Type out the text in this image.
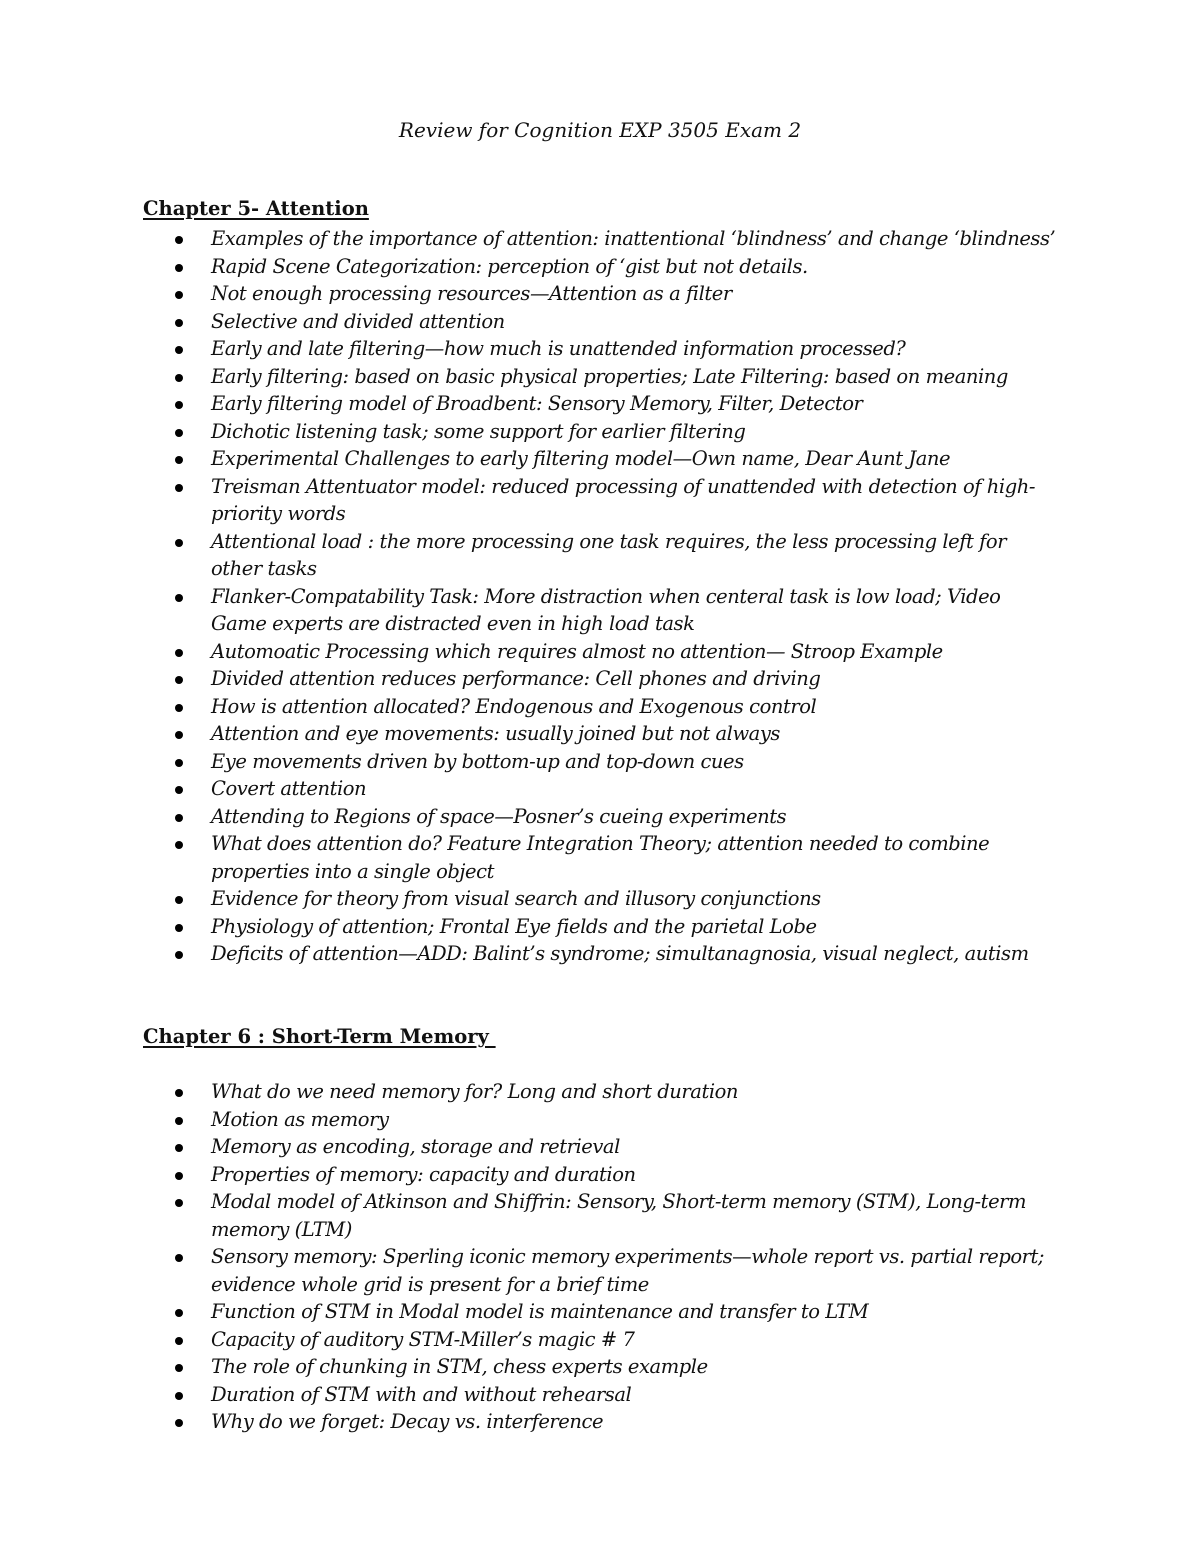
Review for Cognition EXP 3505 Exam 2
Chapter 5- Attention
Examples of the importance of attention: inattentional ‘blindness’ and change ‘blindness’
Rapid Scene Categorization: perception of ‘gist but not details.
Not enough processing resources—Attention as a filter
Selective and divided attention
Early and late filtering—how much is unattended information processed?
Early filtering: based on basic physical properties; Late Filtering: based on meaning
Early filtering model of Broadbent: Sensory Memory, Filter, Detector
Dichotic listening task; some support for earlier filtering
Experimental Challenges to early filtering model—Own name, Dear Aunt Jane
Treisman Attentuator model: reduced processing of unattended with detection of high-priority words
Attentional load : the more processing one task requires, the less processing left for other tasks
Flanker-Compatability Task: More distraction when centeral task is low load; Video Game experts are distracted even in high load task
Automoatic Processing which requires almost no attention— Stroop Example
Divided attention reduces performance: Cell phones and driving
How is attention allocated? Endogenous and Exogenous control
Attention and eye movements: usually joined but not always
Eye movements driven by bottom-up and top-down cues
Covert attention
Attending to Regions of space—Posner’s cueing experiments
What does attention do? Feature Integration Theory; attention needed to combine properties into a single object
Evidence for theory from visual search and illusory conjunctions
Physiology of attention; Frontal Eye fields and the parietal Lobe
Deficits of attention—ADD: Balint’s syndrome; simultanagnosia, visual neglect, autism
Chapter 6 : Short-Term Memory
What do we need memory for? Long and short duration
Motion as memory
Memory as encoding, storage and retrieval
Properties of memory: capacity and duration
Modal model of Atkinson and Shiffrin: Sensory, Short-term memory (STM), Long-term memory (LTM)
Sensory memory: Sperling iconic memory experiments—whole report vs. partial report; evidence whole grid is present for a brief time
Function of STM in Modal model is maintenance and transfer to LTM
Capacity of auditory STM-Miller’s magic # 7
The role of chunking in STM, chess experts example
Duration of STM with and without rehearsal
Why do we forget: Decay vs. interference
